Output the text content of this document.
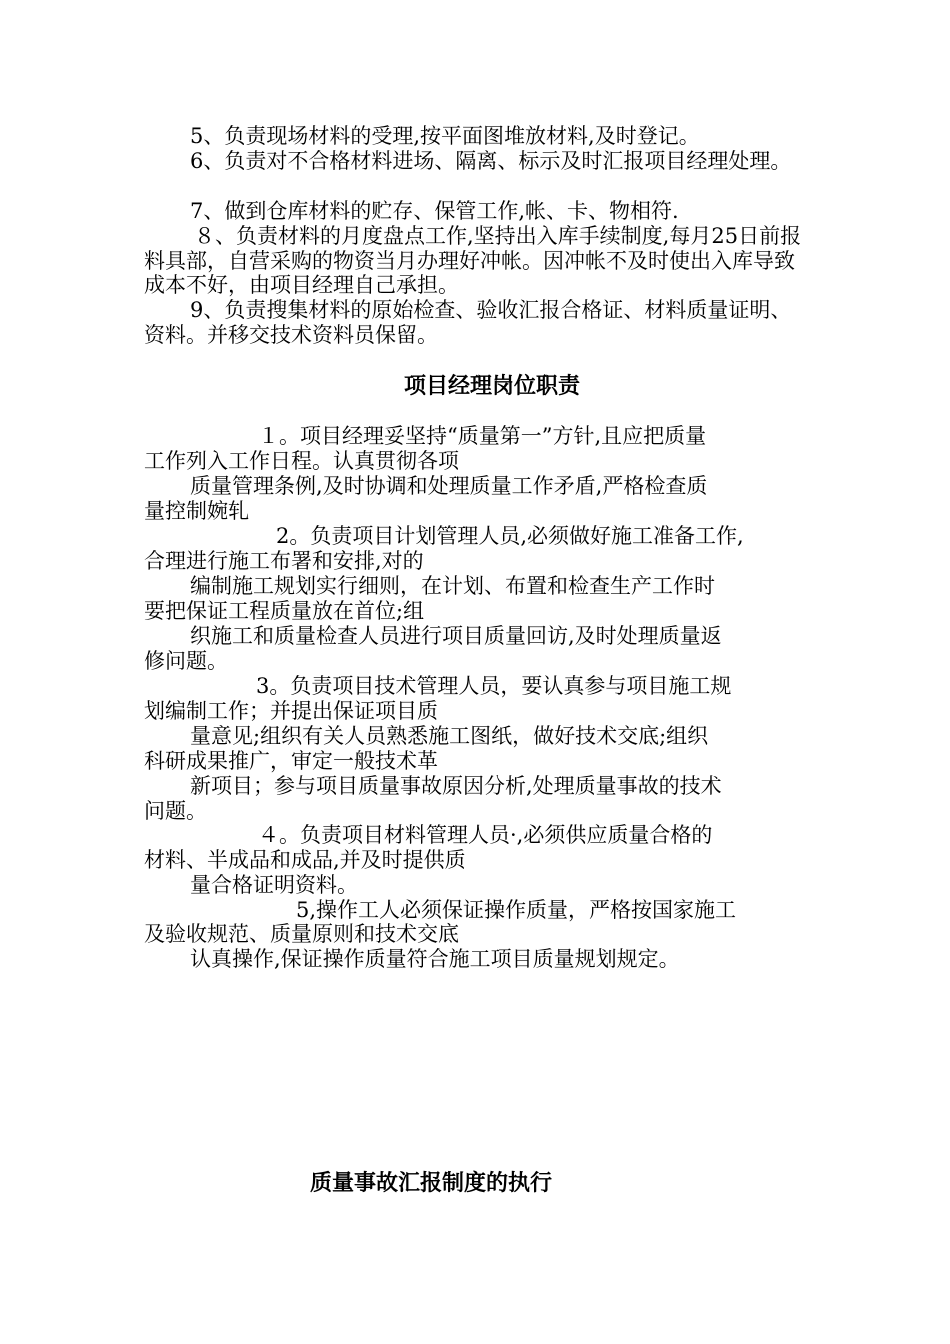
5、负责现场材料的受理,按平面图堆放材料,及时登记。

6、负责对不合格材料进场、隔离、标示及时汇报项目经理处理。

7、做到仓库材料的贮存、保管工作,帐、卡、物相符.

８、负责材料的月度盘点工作,坚持出入库手续制度,每月25日前报料具部，自营采购的物资当月办理好冲帐。因冲帐不及时使出入库导致成本不好，由项目经理自己承担。

9、负责搜集材料的原始检查、验收汇报合格证、材料质量证明、资料。并移交技术资料员保留。

项目经理岗位职责

１。项目经理妥坚持“质量第一”方针,且应把质量

工作列入工作日程。认真贯彻各项

质量管理条例,及时协调和处理质量工作矛盾,严格检查质

量控制婉轧

2。负责项目计划管理人员,必须做好施工准备工作,

合理进行施工布署和安排,对的

编制施工规划实行细则，在计划、布置和检查生产工作时

要把保证工程质量放在首位;组

织施工和质量检查人员进行项目质量回访,及时处理质量返

修问题。

3。负责项目技术管理人员，要认真参与项目施工规

划编制工作；并提出保证项目质

量意见;组织有关人员熟悉施工图纸，做好技术交底;组织

科研成果推广，审定一般技术革

新项目；参与项目质量事故原因分析,处理质量事故的技术

问题。

４。负责项目材料管理人员·,必须供应质量合格的

材料、半成品和成品,并及时提供质

量合格证明资料。

5,操作工人必须保证操作质量，严格按国家施工

及验收规范、质量原则和技术交底

认真操作,保证操作质量符合施工项目质量规划规定。

质量事故汇报制度的执行
